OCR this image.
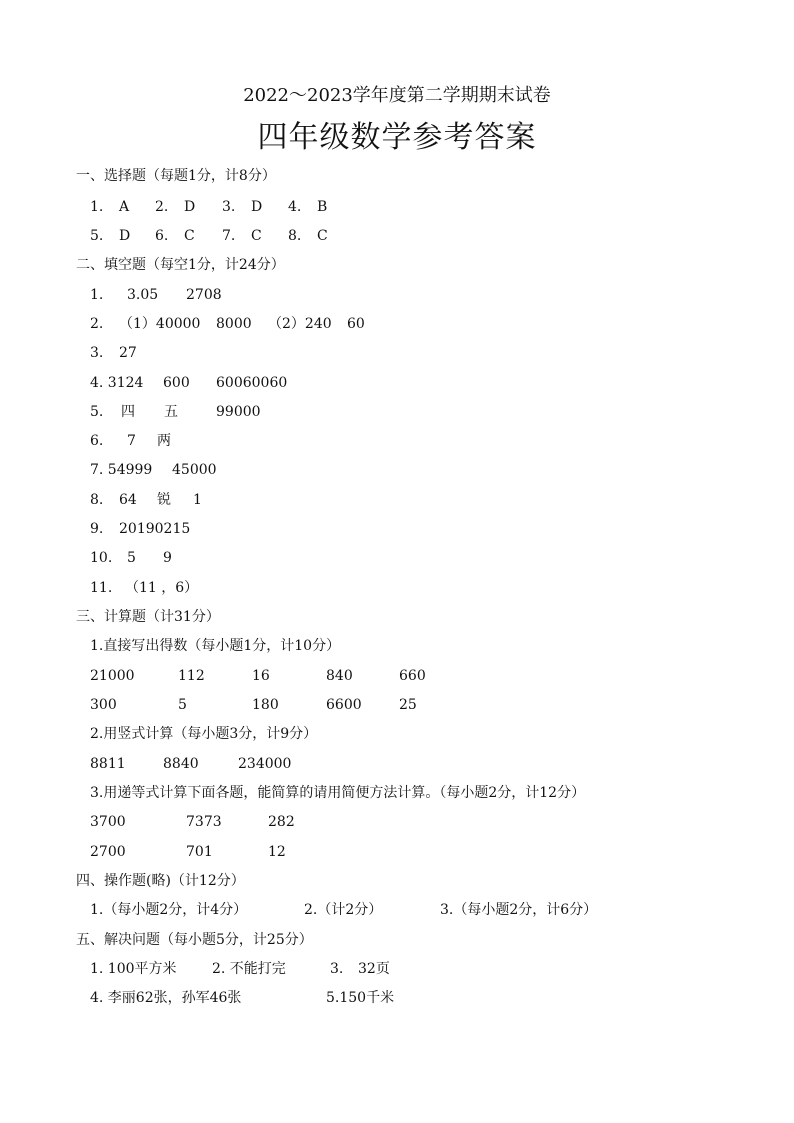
2022～2023学年度第二学期期末试卷
四年级数学参考答案
一、选择题（每题1分，计8分）
1. A 2. D 3. D 4. B
5. D 6. C 7. C 8. C
二、填空题（每空1分，计24分）
1. 3.05 2708
2. （1）40000 8000 （2）240 60
3. 27
4. 3124 600 60060060
5. 四 五	99000
6. 7 两
7. 54999 45000
8. 64 锐 1
9. 20190215
10. 5 9
11. （11 ，6）
三、计算题（计31分）
1.直接写出得数（每小题1分，计10分）
21000	112	16	840	660
300	5	180	6600	25
2.用竖式计算（每小题3分，计9分）
8811	8840	234000
3.用递等式计算下面各题，能简算的请用简便方法计算。（每小题2分，计12分）
3700	7373	282
2700	701	12
四、操作题(略)（计12分）
1.（每小题2分，计4分）	2.（计2分）	3.（每小题2分，计6分）
五、解决问题（每小题5分，计25分）
1. 100平方米	2. 不能打完	3. 32页
4. 李丽62张，孙军46张	5.150千米
